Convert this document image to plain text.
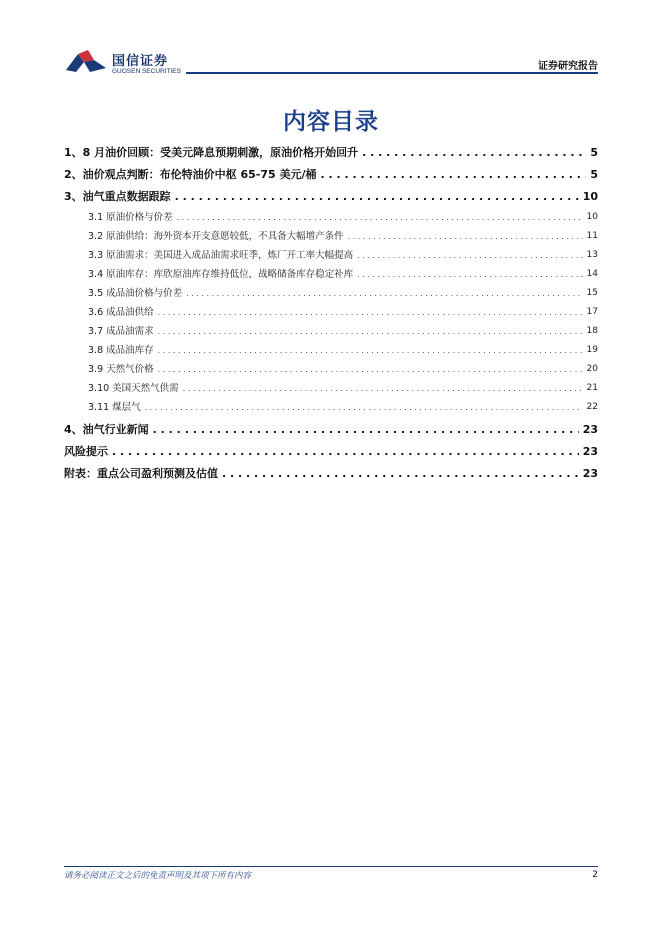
国信证券
GUOSEN SECURITIES	证券研究报告
内容目录
1、8 月油价回顾：受美元降息预期刺激，原油价格开始回升 . . .	5
2、油价观点判断：布伦特油价中枢 65-75 美元/桶 . . .	5
3、油气重点数据跟踪 . . .	10
3.1 原油价格与价差 . . .	10
3.2 原油供给：海外资本开支意愿较低，不具备大幅增产条件 . . .	11
3.3 原油需求：美国进入成品油需求旺季，炼厂开工率大幅提高 . . .	13
3.4 原油库存：库欣原油库存维持低位，战略储备库存稳定补库 . . .	14
3.5 成品油价格与价差 . . .	15
3.6 成品油供给 . . .	17
3.7 成品油需求 . . .	18
3.8 成品油库存 . . .	19
3.9 天然气价格 . . .	20
3.10 美国天然气供需 . . .	21
3.11 煤层气 . . .	22
4、油气行业新闻 . . .	23
风险提示 . . .	23
附表：重点公司盈利预测及估值 . . .	23
请务必阅读正文之后的免责声明及其项下所有内容	2
